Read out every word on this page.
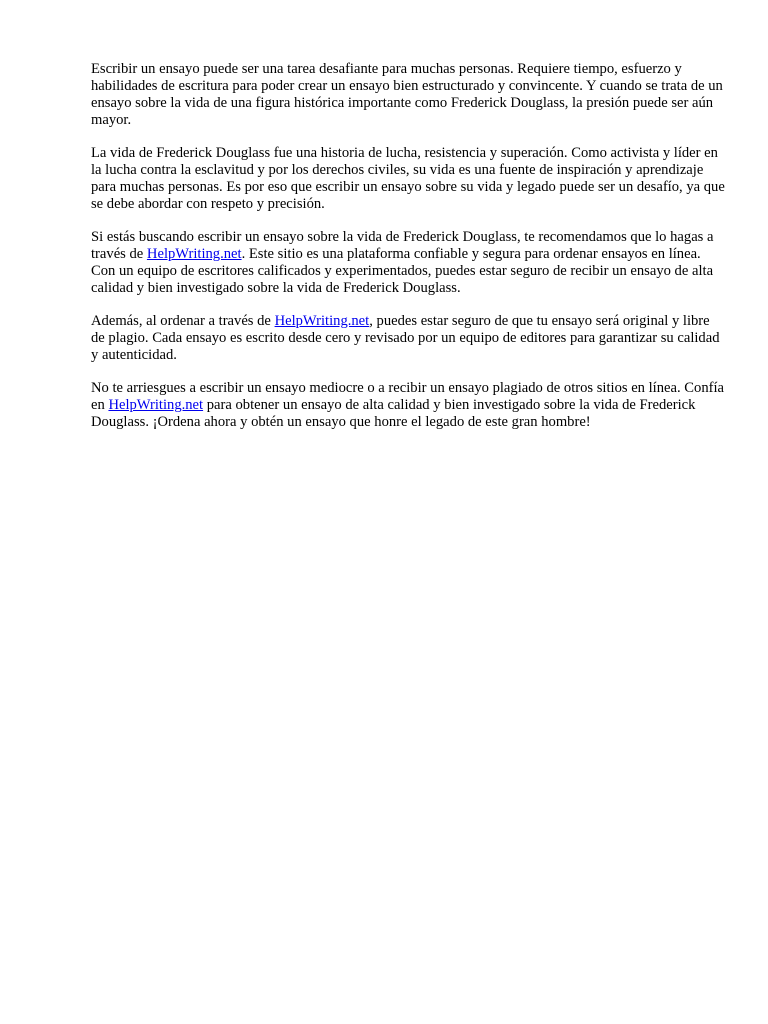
Escribir un ensayo puede ser una tarea desafiante para muchas personas. Requiere tiempo, esfuerzo y habilidades de escritura para poder crear un ensayo bien estructurado y convincente. Y cuando se trata de un ensayo sobre la vida de una figura histórica importante como Frederick Douglass, la presión puede ser aún mayor.

La vida de Frederick Douglass fue una historia de lucha, resistencia y superación. Como activista y líder en la lucha contra la esclavitud y por los derechos civiles, su vida es una fuente de inspiración y aprendizaje para muchas personas. Es por eso que escribir un ensayo sobre su vida y legado puede ser un desafío, ya que se debe abordar con respeto y precisión.

Si estás buscando escribir un ensayo sobre la vida de Frederick Douglass, te recomendamos que lo hagas a través de HelpWriting.net. Este sitio es una plataforma confiable y segura para ordenar ensayos en línea. Con un equipo de escritores calificados y experimentados, puedes estar seguro de recibir un ensayo de alta calidad y bien investigado sobre la vida de Frederick Douglass.

Además, al ordenar a través de HelpWriting.net, puedes estar seguro de que tu ensayo será original y libre de plagio. Cada ensayo es escrito desde cero y revisado por un equipo de editores para garantizar su calidad y autenticidad.

No te arriesgues a escribir un ensayo mediocre o a recibir un ensayo plagiado de otros sitios en línea. Confía en HelpWriting.net para obtener un ensayo de alta calidad y bien investigado sobre la vida de Frederick Douglass. ¡Ordena ahora y obtén un ensayo que honre el legado de este gran hombre!
